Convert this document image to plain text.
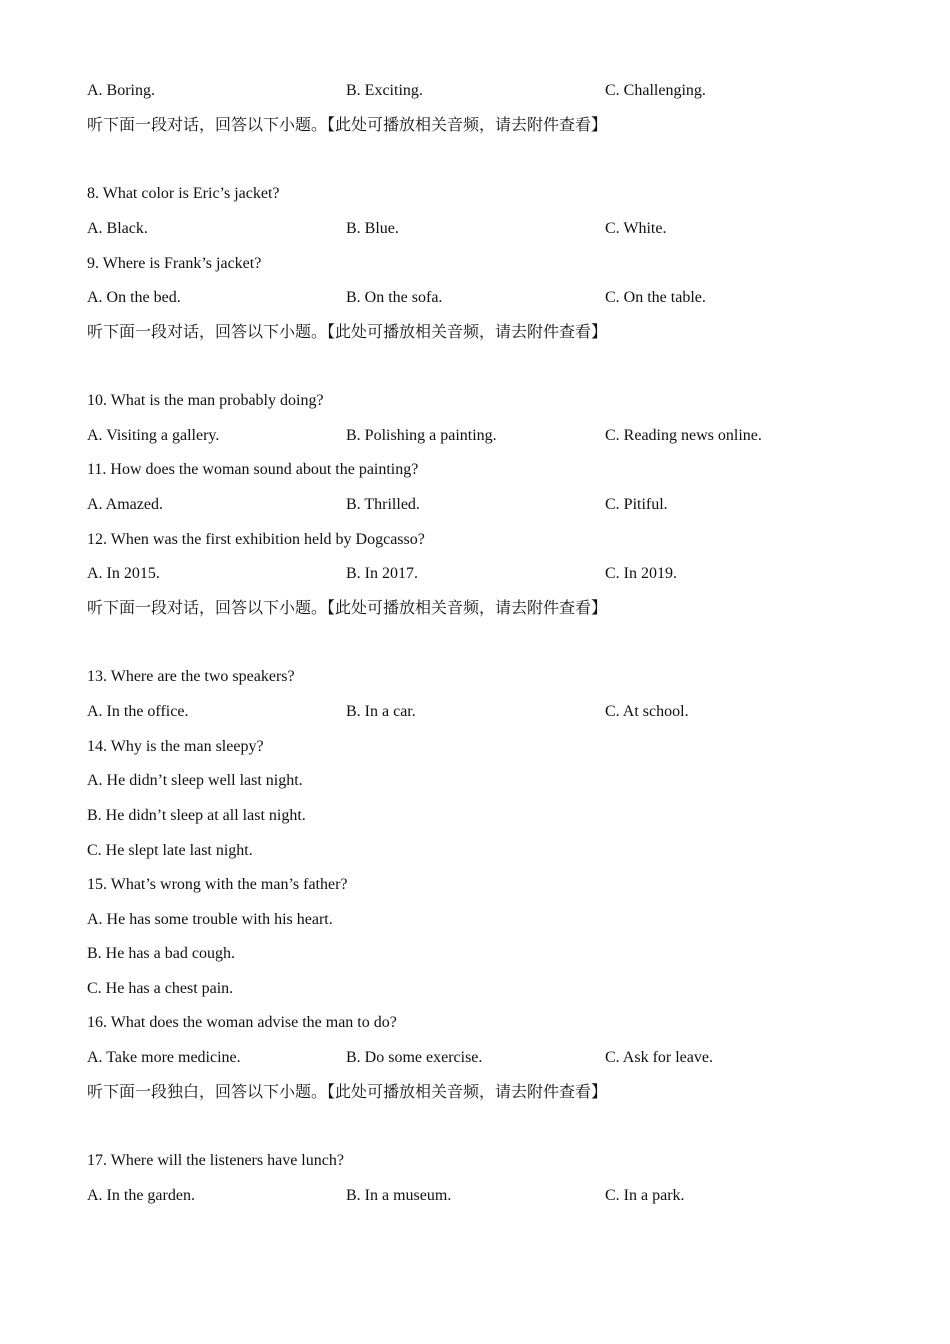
A. Boring.	B. Exciting.	C. Challenging.
听下面一段对话，回答以下小题。【此处可播放相关音频，请去附件查看】
8. What color is Eric’s jacket?
A. Black.	B. Blue.	C. White.
9. Where is Frank’s jacket?
A. On the bed.	B. On the sofa.	C. On the table.
听下面一段对话，回答以下小题。【此处可播放相关音频，请去附件查看】
10. What is the man probably doing?
A. Visiting a gallery.	B. Polishing a painting.	C. Reading news online.
11. How does the woman sound about the painting?
A. Amazed.	B. Thrilled.	C. Pitiful.
12. When was the first exhibition held by Dogcasso?
A. In 2015.	B. In 2017.	C. In 2019.
听下面一段对话，回答以下小题。【此处可播放相关音频，请去附件查看】
13. Where are the two speakers?
A. In the office.	B. In a car.	C. At school.
14. Why is the man sleepy?
A. He didn’t sleep well last night.
B. He didn’t sleep at all last night.
C. He slept late last night.
15. What’s wrong with the man’s father?
A. He has some trouble with his heart.
B. He has a bad cough.
C. He has a chest pain.
16. What does the woman advise the man to do?
A. Take more medicine.	B. Do some exercise.	C. Ask for leave.
听下面一段独白，回答以下小题。【此处可播放相关音频，请去附件查看】
17. Where will the listeners have lunch?
A. In the garden.	B. In a museum.	C. In a park.
